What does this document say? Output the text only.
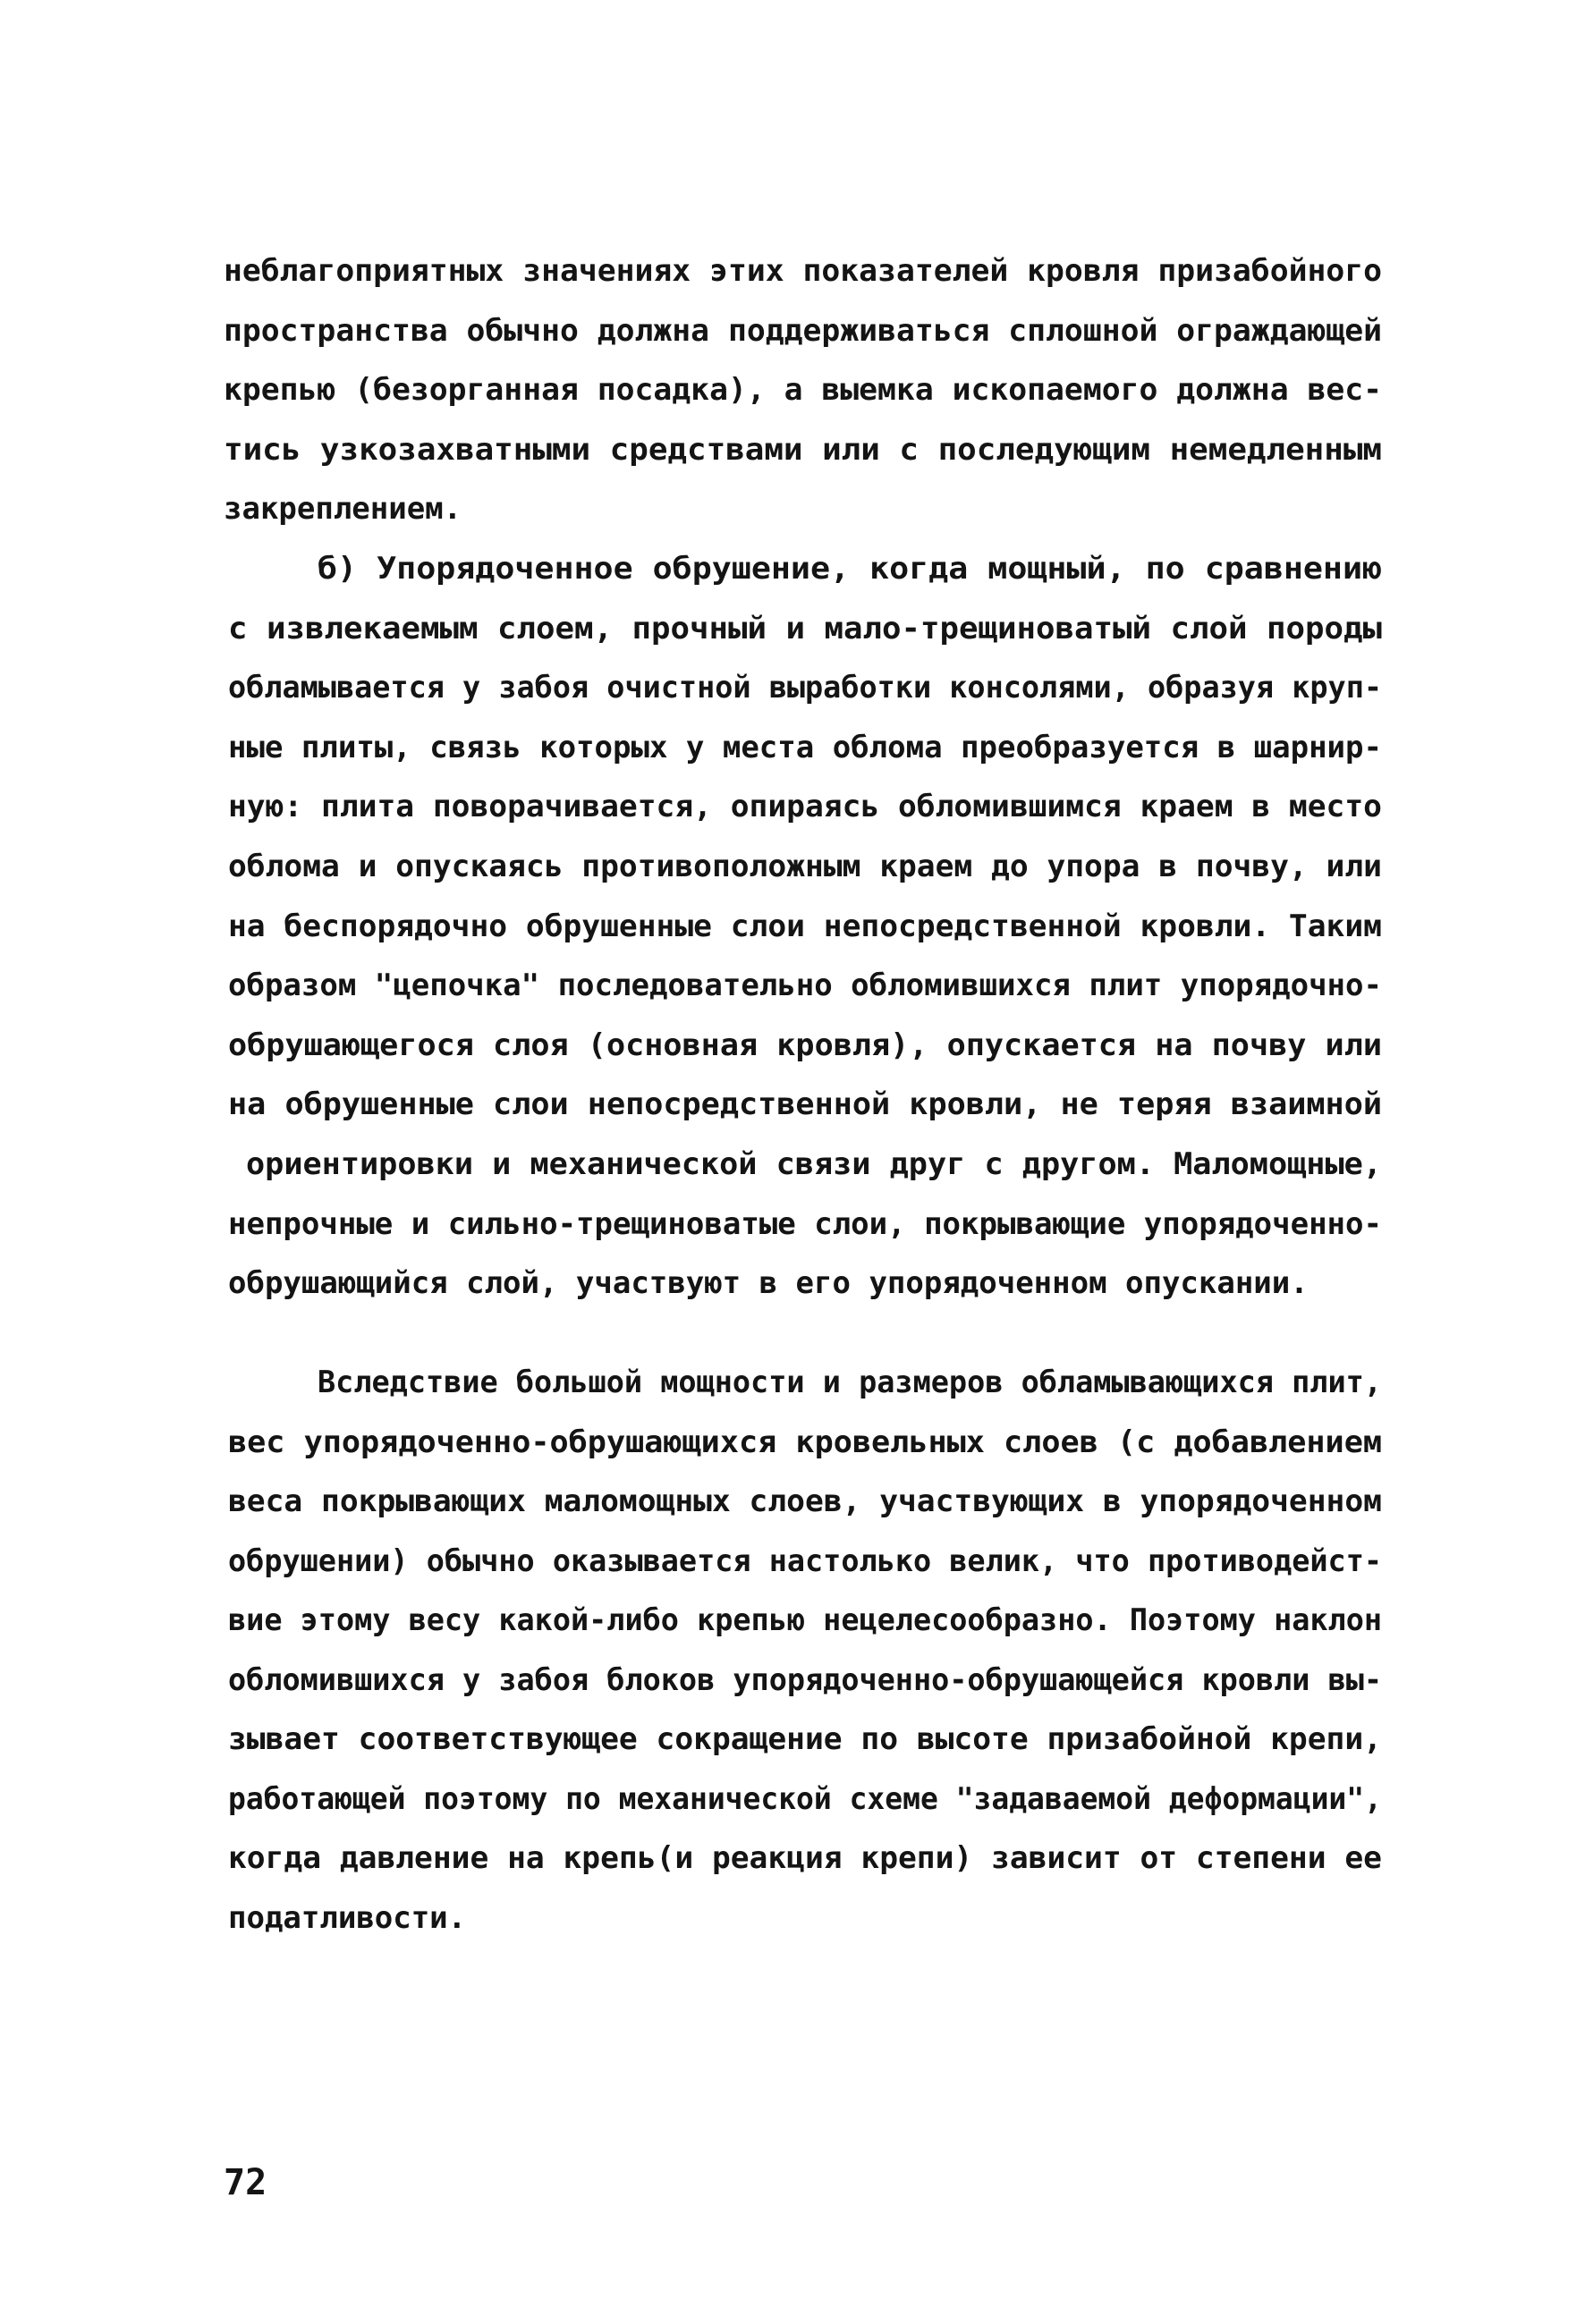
неблагоприятных значениях этих показателей кровля призабойного
пространства обычно должна поддерживаться сплошной ограждающей
крепью (безорганная посадка), а выемка ископаемого должна вес-
тись узкозахватными средствами или с последующим немедленным
закреплением.
б) Упорядоченное обрушение, когда мощный, по сравнению
с извлекаемым слоем, прочный и мало-трещиноватый слой породы
обламывается у забоя очистной выработки консолями, образуя круп-
ные плиты, связь которых у места облома преобразуется в шарнир-
ную: плита поворачивается, опираясь обломившимся краем в место
облома и опускаясь противоположным краем до упора в почву, или
на беспорядочно обрушенные слои непосредственной кровли. Таким
образом "цепочка" последовательно обломившихся плит упорядочно-
обрушающегося слоя (основная кровля), опускается на почву или
на обрушенные слои непосредственной кровли, не теряя взаимной
ориентировки и механической связи друг с другом. Маломощные,
непрочные и сильно-трещиноватые слои, покрывающие упорядоченно-
обрушающийся слой, участвуют в его упорядоченном опускании.
Вследствие большой мощности и размеров обламывающихся плит,
вес упорядоченно-обрушающихся кровельных слоев (с добавлением
веса покрывающих маломощных слоев, участвующих в упорядоченном
обрушении) обычно оказывается настолько велик, что противодейст-
вие этому весу какой-либо крепью нецелесообразно. Поэтому наклон
обломившихся у забоя блоков упорядоченно-обрушающейся кровли вы-
зывает соответствующее сокращение по высоте призабойной крепи,
работающей поэтому по механической схеме "задаваемой деформации",
когда давление на крепь(и реакция крепи) зависит от степени ее
податливости.
72
